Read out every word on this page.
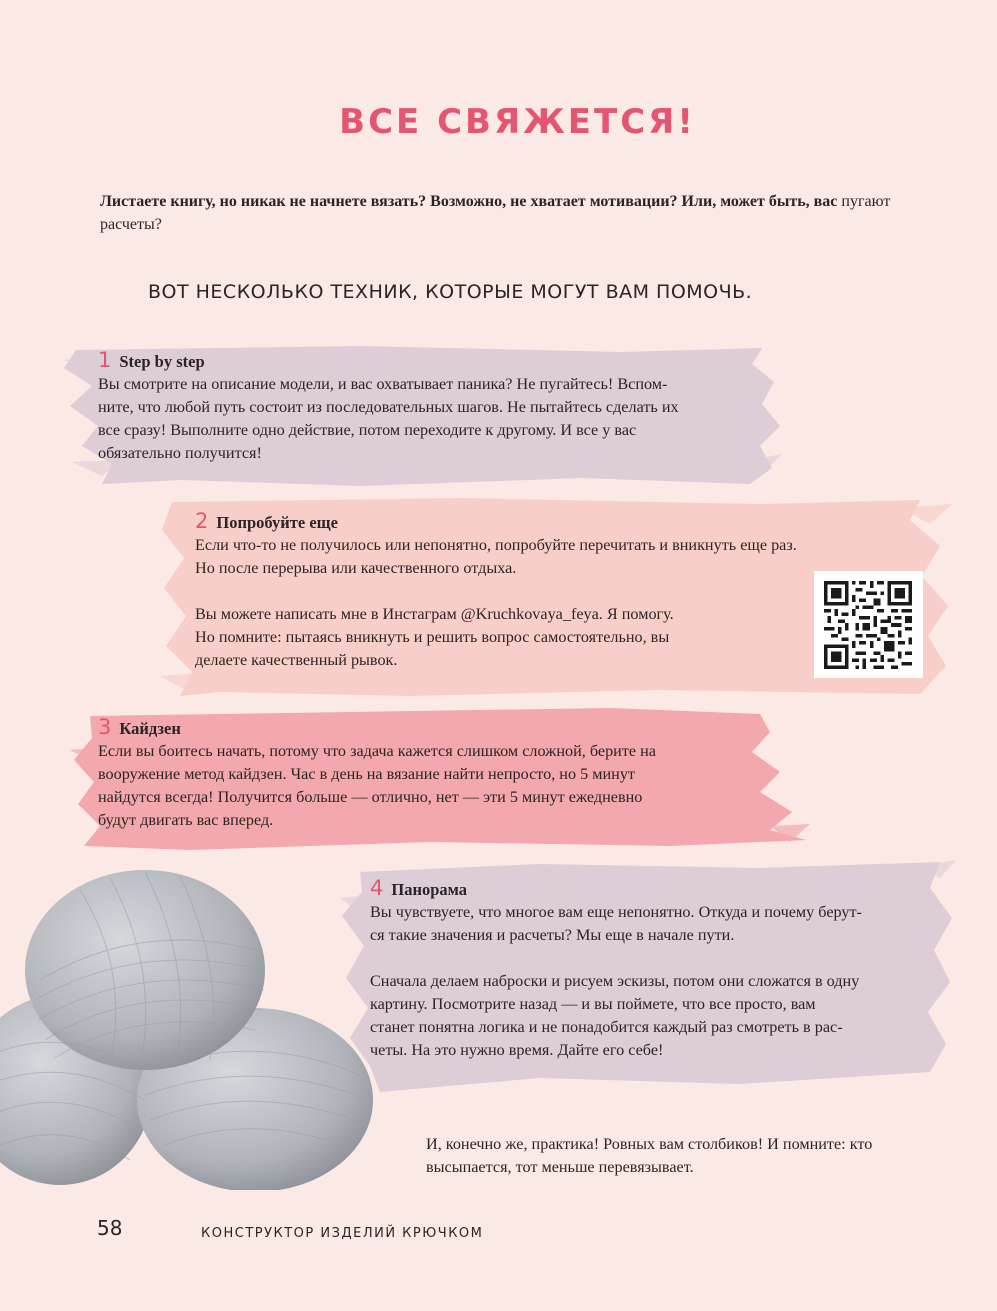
ВСЕ СВЯЖЕТСЯ!
Листаете книгу, но никак не начнете вязать? Возможно, не хватает мотивации? Или, может быть, вас пугают расчеты?
ВОТ НЕСКОЛЬКО ТЕХНИК, КОТОРЫЕ МОГУТ ВАМ ПОМОЧЬ.
1 Step by step

Вы смотрите на описание модели, и вас охватывает паника? Не пугайтесь! Вспом-

ните, что любой путь состоит из последовательных шагов. Не пытайтесь сделать их

все сразу! Выполните одно действие, потом переходите к другому. И все у вас

обязательно получится!

2 Попробуйте еще

Если что-то не получилось или непонятно, попробуйте перечитать и вникнуть еще раз.

Но после перерыва или качественного отдыха.

Вы можете написать мне в Инстаграм @Kruchkovaya_feya. Я помогу.

Но помните: пытаясь вникнуть и решить вопрос самостоятельно, вы

делаете качественный рывок.

3 Кайдзен

Если вы боитесь начать, потому что задача кажется слишком сложной, берите на

вооружение метод кайдзен. Час в день на вязание найти непросто, но 5 минут

найдутся всегда! Получится больше — отлично, нет — эти 5 минут ежедневно

будут двигать вас вперед.

4 Панорама

Вы чувствуете, что многое вам еще непонятно. Откуда и почему берут-

ся такие значения и расчеты? Мы еще в начале пути.

Сначала делаем наброски и рисуем эскизы, потом они сложатся в одну

картину. Посмотрите назад — и вы поймете, что все просто, вам

станет понятна логика и не понадобится каждый раз смотреть в рас-

четы. На это нужно время. Дайте его себе!

И, конечно же, практика! Ровных вам столбиков! И помните: кто
высыпается, тот меньше перевязывает.
58	КОНСТРУКТОР ИЗДЕЛИЙ КРЮЧКОМ
